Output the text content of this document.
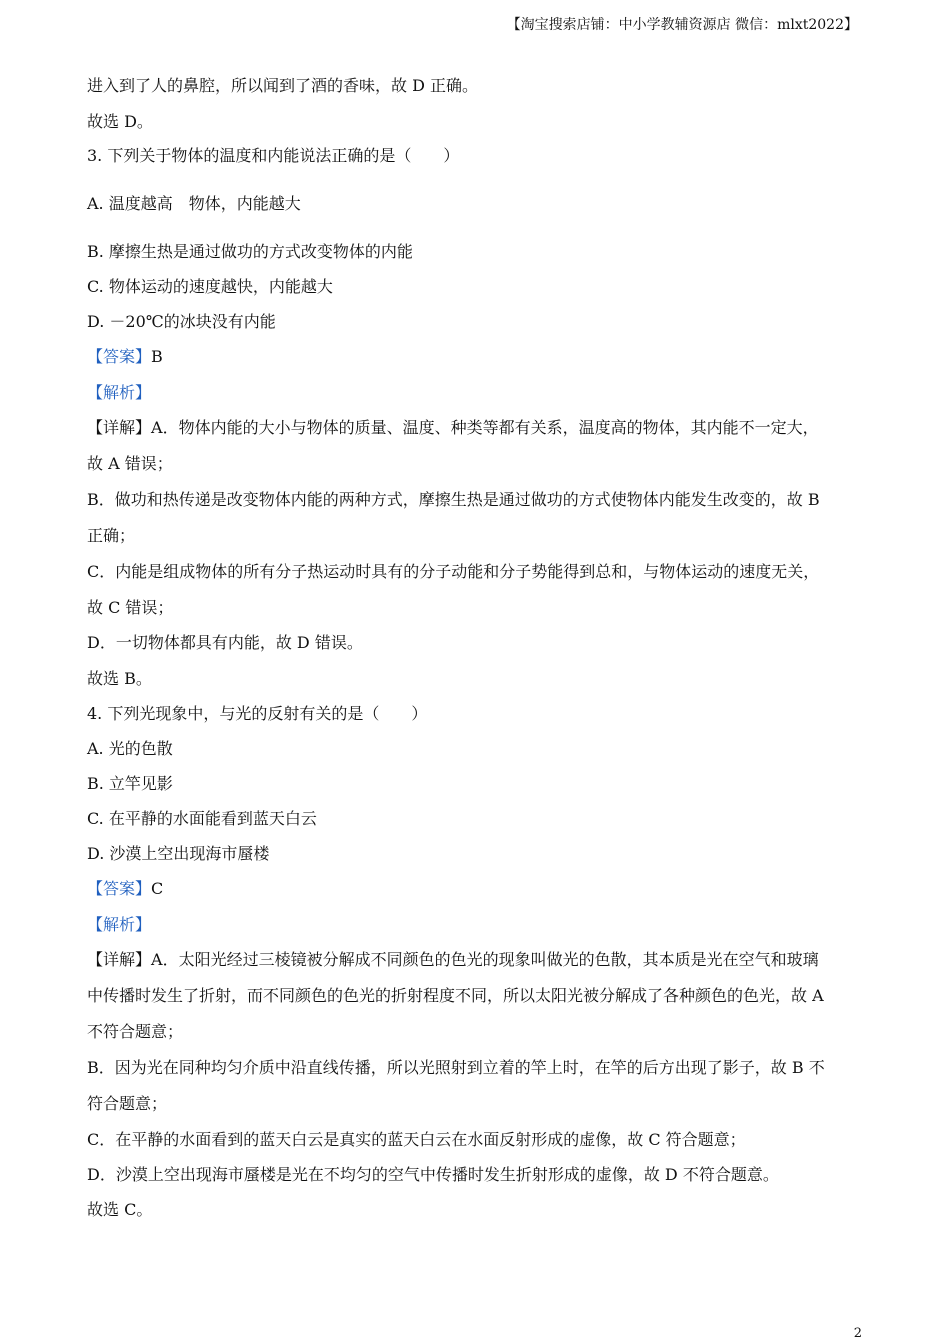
【淘宝搜索店铺：中小学教辅资源店 微信：mlxt2022】
进入到了人的鼻腔，所以闻到了酒的香味，故 D 正确。
故选 D。
3. 下列关于物体的温度和内能说法正确的是（　　）
A. 温度越高　物体，内能越大
B. 摩擦生热是通过做功的方式改变物体的内能
C. 物体运动的速度越快，内能越大
D. －20℃的冰块没有内能
【答案】B
【解析】
【详解】A．物体内能的大小与物体的质量、温度、种类等都有关系，温度高的物体，其内能不一定大，
故 A 错误；
B．做功和热传递是改变物体内能的两种方式，摩擦生热是通过做功的方式使物体内能发生改变的，故 B
正确；
C．内能是组成物体的所有分子热运动时具有的分子动能和分子势能得到总和，与物体运动的速度无关，
故 C 错误；
D．一切物体都具有内能，故 D 错误。
故选 B。
4. 下列光现象中，与光的反射有关的是（　　）
A. 光的色散
B. 立竿见影
C. 在平静的水面能看到蓝天白云
D. 沙漠上空出现海市蜃楼
【答案】C
【解析】
【详解】A．太阳光经过三棱镜被分解成不同颜色的色光的现象叫做光的色散，其本质是光在空气和玻璃
中传播时发生了折射，而不同颜色的色光的折射程度不同，所以太阳光被分解成了各种颜色的色光，故 A
不符合题意；
B．因为光在同种均匀介质中沿直线传播，所以光照射到立着的竿上时，在竿的后方出现了影子，故 B 不
符合题意；
C．在平静的水面看到的蓝天白云是真实的蓝天白云在水面反射形成的虚像，故 C 符合题意；
D．沙漠上空出现海市蜃楼是光在不均匀的空气中传播时发生折射形成的虚像，故 D 不符合题意。
故选 C。
2
